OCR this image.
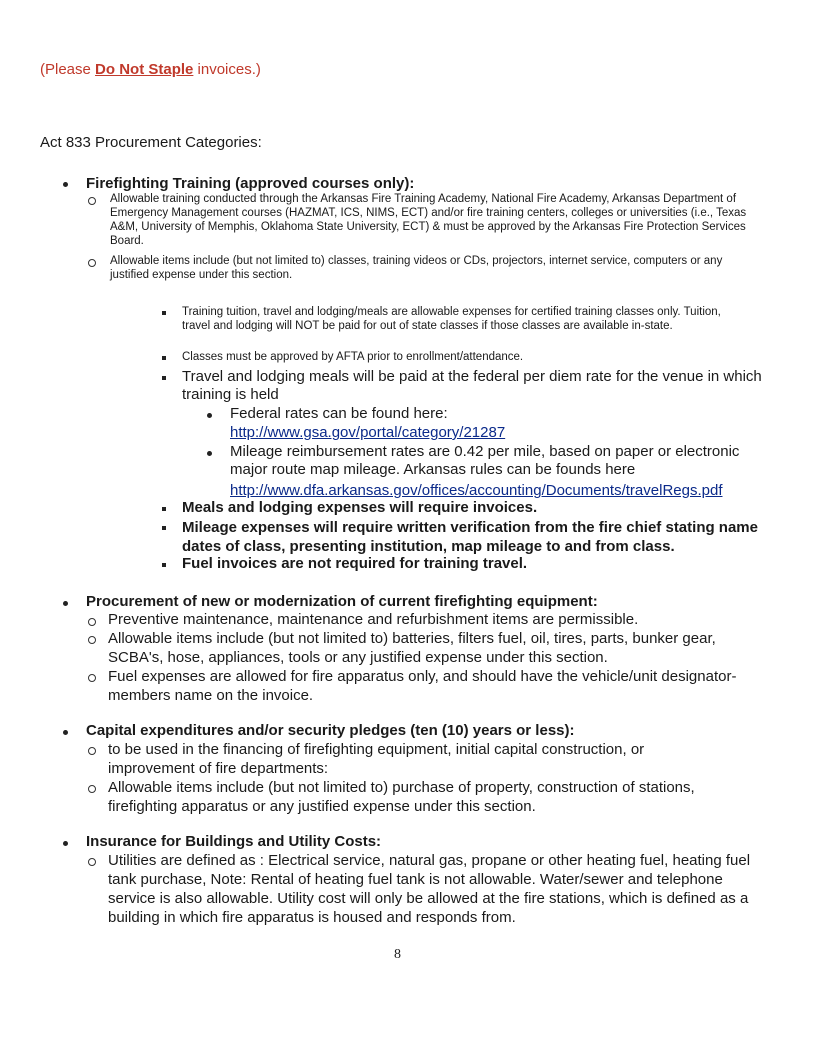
(Please Do Not Staple invoices.)
Act 833 Procurement Categories:
Firefighting Training (approved courses only):

Allowable training conducted through the Arkansas Fire Training Academy, National Fire Academy, Arkansas Department of Emergency Management courses (HAZMAT, ICS, NIMS, ECT) and/or fire training centers, colleges or universities (i.e., Texas A&M, University of Memphis, Oklahoma State University, ECT) & must be approved by the Arkansas Fire Protection Services Board.

Allowable items include (but not limited to) classes, training videos or CDs, projectors, internet service, computers or any justified expense under this section.

Training tuition, travel and lodging/meals are allowable expenses for certified training classes only. Tuition, travel and lodging will NOT be paid for out of state classes if those classes are available in-state.

Classes must be approved by AFTA prior to enrollment/attendance.

Travel and lodging meals will be paid at the federal per diem rate for the venue in which training is held

Federal rates can be found here:
http://www.gsa.gov/portal/category/21287

Mileage reimbursement rates are 0.42 per mile, based on paper or electronic major route map mileage. Arkansas rules can be founds here

http://www.dfa.arkansas.gov/offices/accounting/Documents/travelRegs.pdf
Meals and lodging expenses will require invoices.

Mileage expenses will require written verification from the fire chief stating name dates of class, presenting institution, map mileage to and from class.

Fuel invoices are not required for training travel.
Procurement of new or modernization of current firefighting equipment:
Preventive maintenance, maintenance and refurbishment items are permissible.

Allowable items include (but not limited to) batteries, filters fuel, oil, tires, parts, bunker gear, SCBA's, hose, appliances, tools or any justified expense under this section.

Fuel expenses are allowed for fire apparatus only, and should have the vehicle/unit designator- members name on the invoice.

Capital expenditures and/or security pledges (ten (10) years or less):

to be used in the financing of firefighting equipment, initial capital construction, or improvement of fire departments:

Allowable items include (but not limited to) purchase of property, construction of stations, firefighting apparatus or any justified expense under this section.

Insurance for Buildings and Utility Costs:

Utilities are defined as : Electrical service, natural gas, propane or other heating fuel, heating fuel tank purchase, Note: Rental of heating fuel tank is not allowable. Water/sewer and telephone service is also allowable. Utility cost will only be allowed at the fire stations, which is defined as a building in which fire apparatus is housed and responds from.

8
